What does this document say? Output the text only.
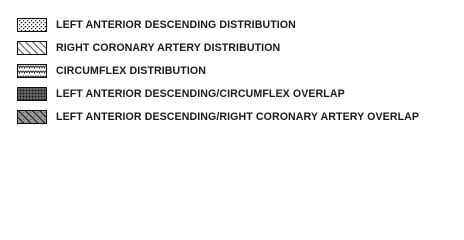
LEFT ANTERIOR DESCENDING DISTRIBUTION
RIGHT CORONARY ARTERY DISTRIBUTION
CIRCUMFLEX DISTRIBUTION
LEFT ANTERIOR DESCENDING/CIRCUMFLEX OVERLAP
LEFT ANTERIOR DESCENDING/RIGHT CORONARY ARTERY OVERLAP
